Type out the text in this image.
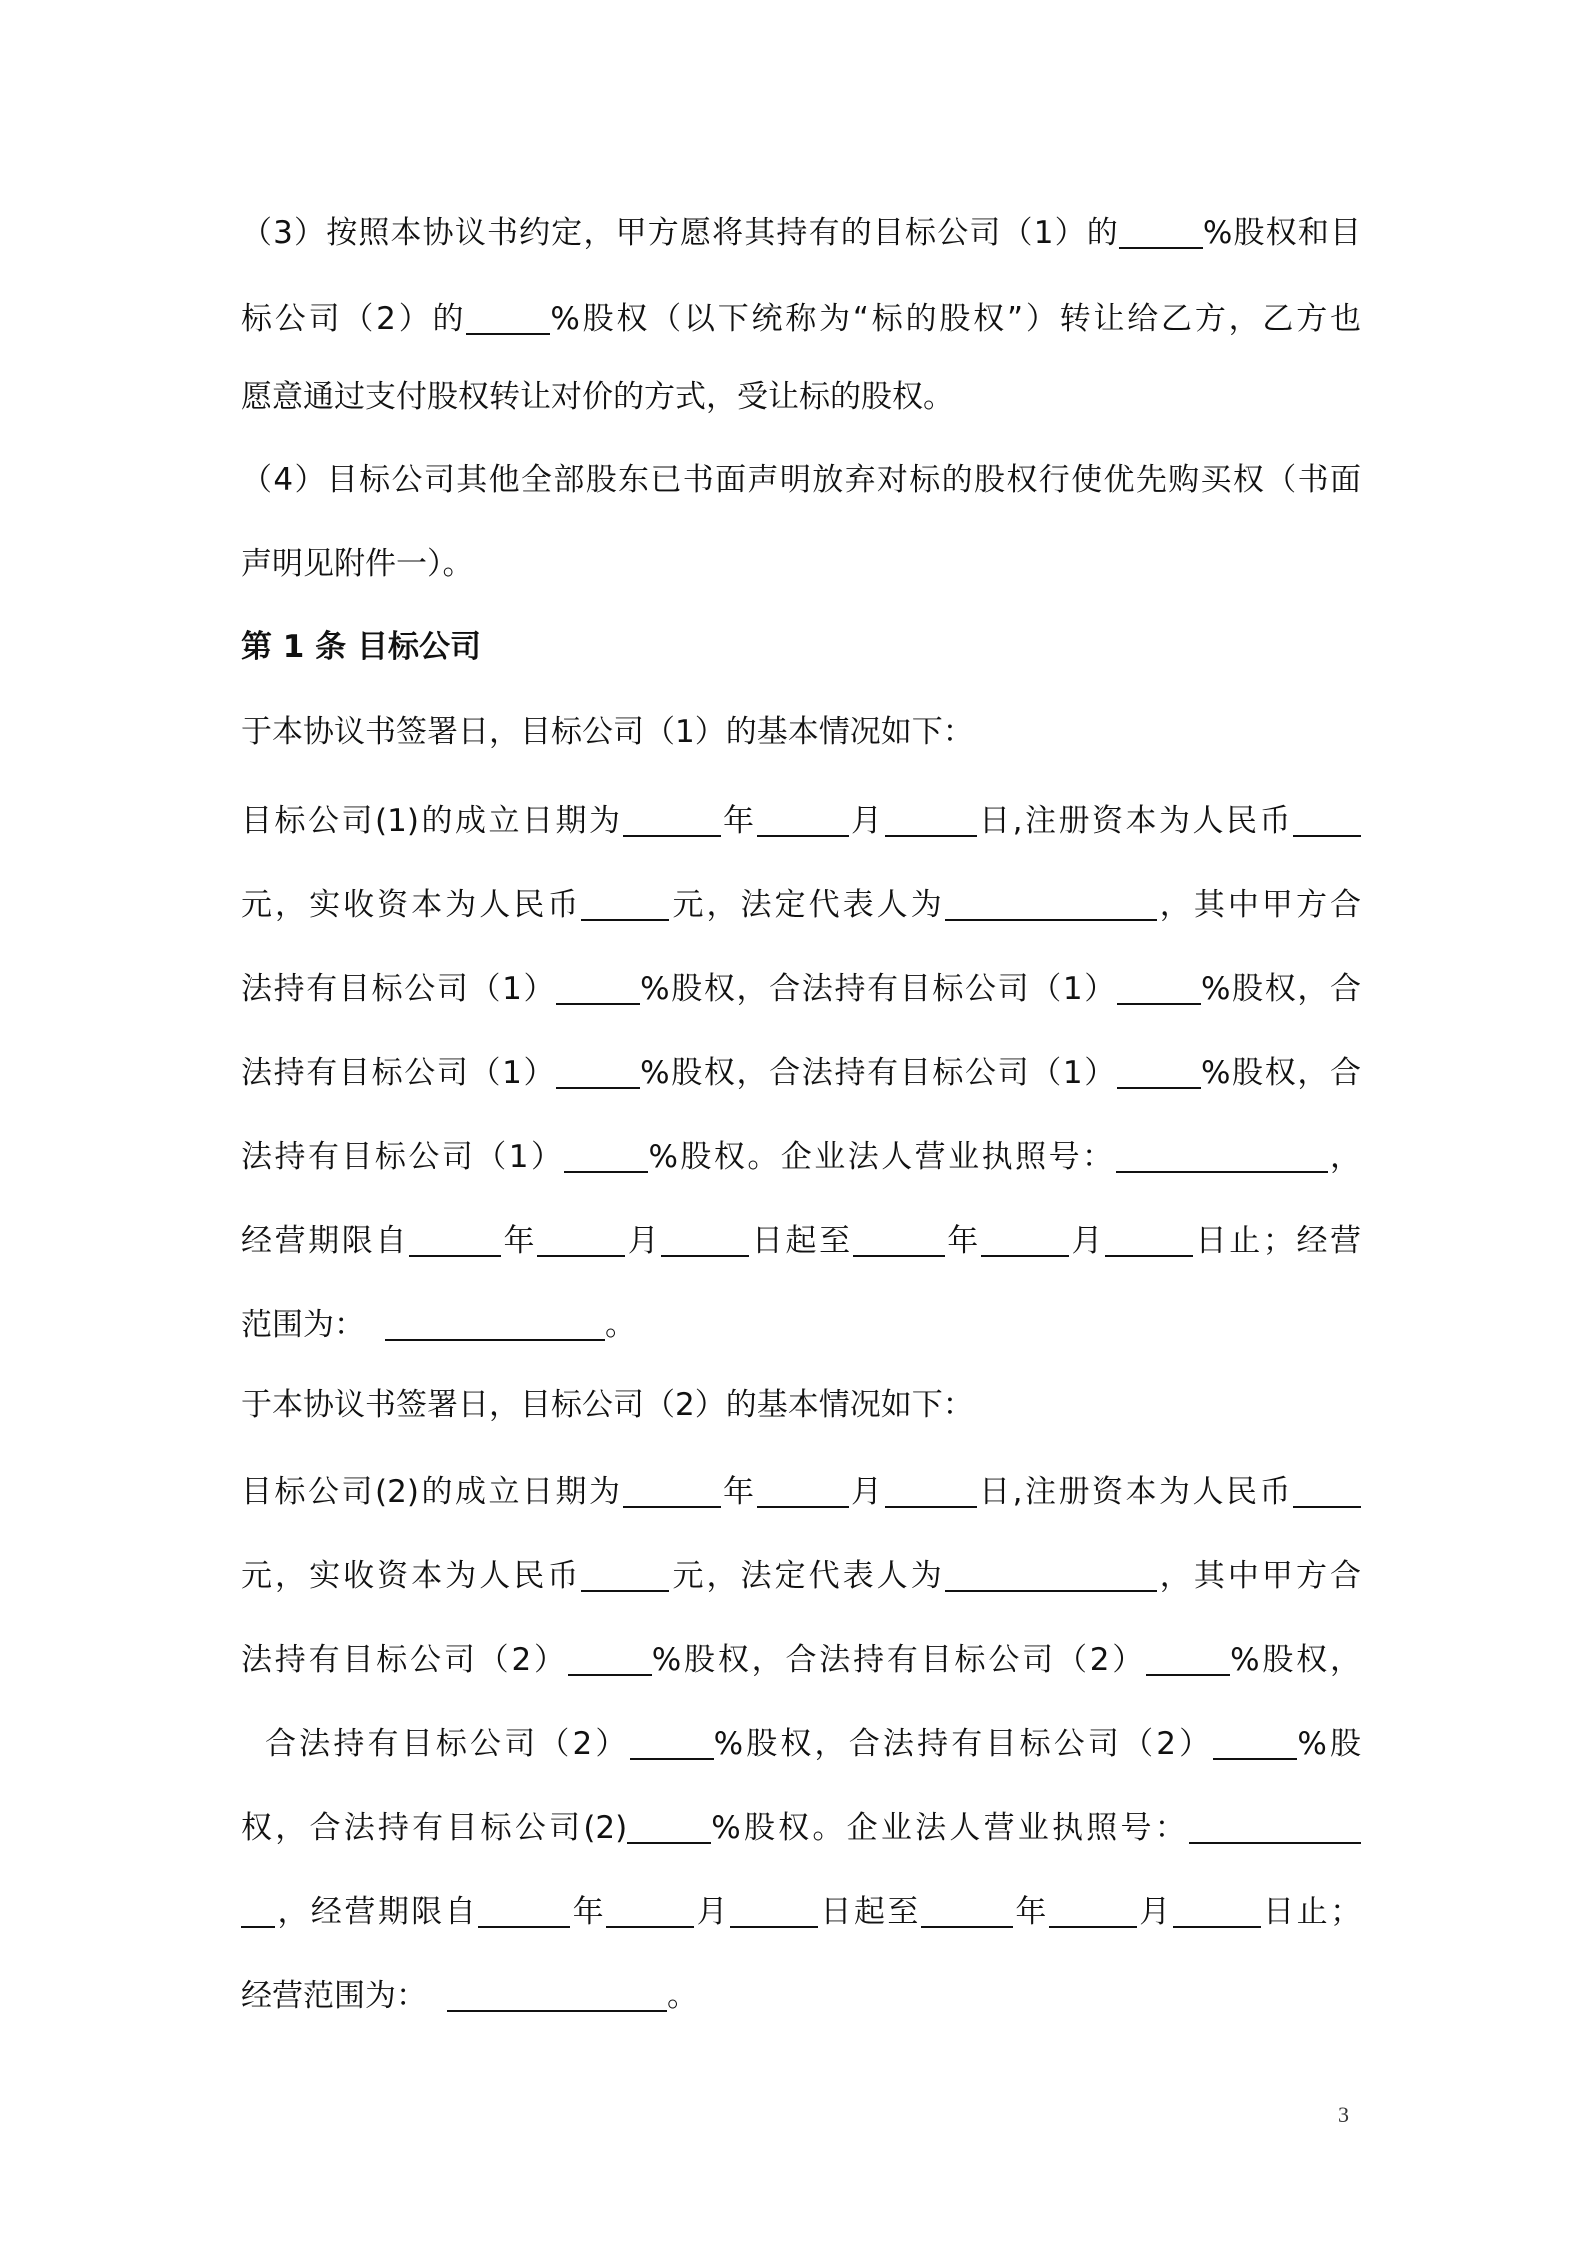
（3）按照本协议书约定，甲方愿将其持有的目标公司（1）的	%股权和目
标公司（2）的	%股权（以下统称为“标的股权”）转让给乙方，乙方也
愿意通过支付股权转让对价的方式，受让标的股权。
（4）目标公司其他全部股东已书面声明放弃对标的股权行使优先购买权（书面
声明见附件一）。
第 1 条 目标公司
于本协议书签署日，目标公司（1）的基本情况如下：
目标公司(1)的成立日期为	年	月	日,注册资本为人民币
元，实收资本为人民币	元，法定代表人为	，其中甲方合
法持有目标公司（1）	%股权，合法持有目标公司（1）	%股权，合
法持有目标公司（1）	%股权，合法持有目标公司（1）	%股权，合
法持有目标公司（1）	%股权。企业法人营业执照号：	，
经营期限自	年	月	日起至	年	月	日止；经营
范围为：	。
于本协议书签署日，目标公司（2）的基本情况如下：
目标公司(2)的成立日期为	年	月	日,注册资本为人民币
元，实收资本为人民币	元，法定代表人为	，其中甲方合
法持有目标公司（2）	%股权，合法持有目标公司（2）	%股权，
合法持有目标公司（2）	%股权，合法持有目标公司（2）	%股
权，合法持有目标公司(2)	%股权。企业法人营业执照号：
，经营期限自	年	月	日起至	年	月	日止；
经营范围为：	。
3
